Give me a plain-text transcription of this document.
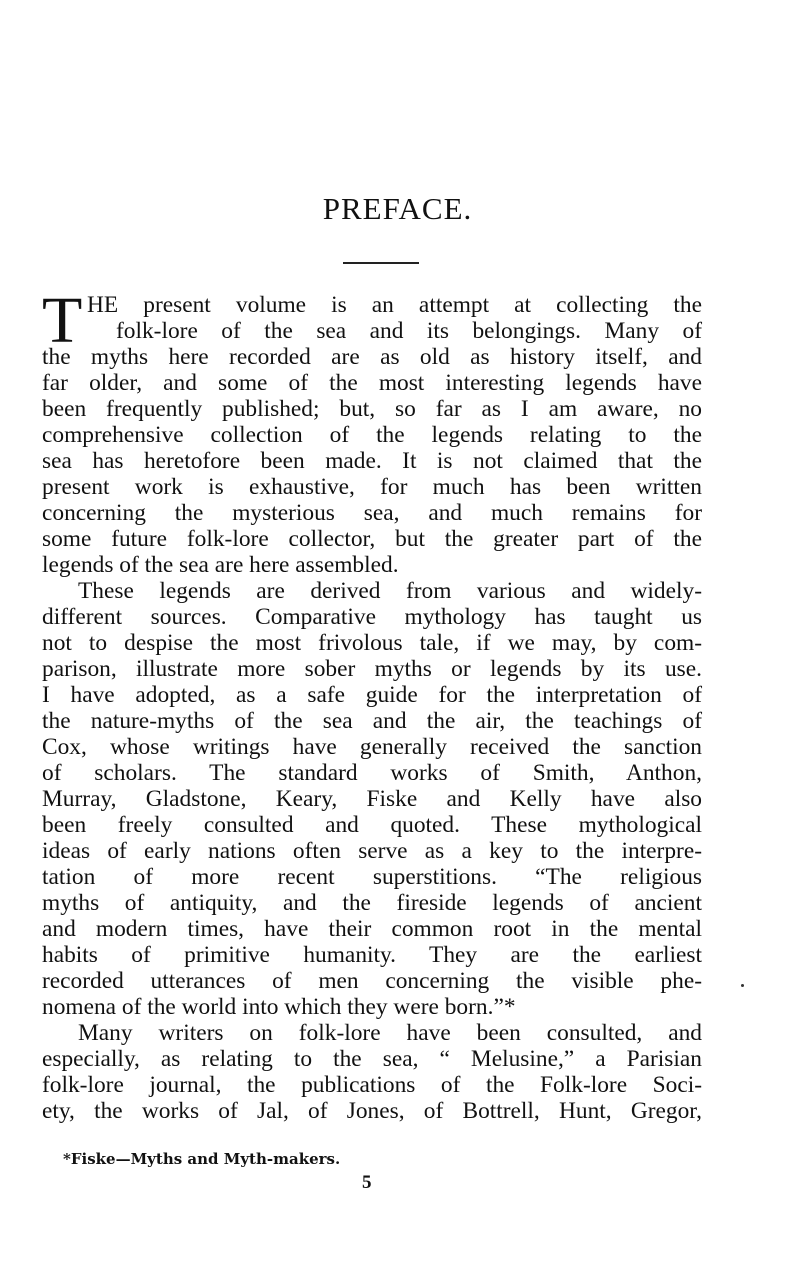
PREFACE.
T HE present volume is an attempt at collecting the
folk-lore of the sea and its belongings. Many of
the myths here recorded are as old as history itself, and
far older, and some of the most interesting legends have
been frequently published; but, so far as I am aware, no
comprehensive collection of the legends relating to the
sea has heretofore been made. It is not claimed that the
present work is exhaustive, for much has been written
concerning the mysterious sea, and much remains for
some future folk-lore collector, but the greater part of the
legends of the sea are here assembled.
These legends are derived from various and widely-
different sources. Comparative mythology has taught us
not to despise the most frivolous tale, if we may, by com-
parison, illustrate more sober myths or legends by its use.
I have adopted, as a safe guide for the interpretation of
the nature-myths of the sea and the air, the teachings of
Cox, whose writings have generally received the sanction
of scholars. The standard works of Smith, Anthon,
Murray, Gladstone, Keary, Fiske and Kelly have also
been freely consulted and quoted. These mythological
ideas of early nations often serve as a key to the interpre-
tation of more recent superstitions. “The religious
myths of antiquity, and the fireside legends of ancient
and modern times, have their common root in the mental
habits of primitive humanity. They are the earliest
recorded utterances of men concerning the visible phe-
nomena of the world into which they were born.”*
Many writers on folk-lore have been consulted, and
especially, as relating to the sea, “ Melusine,” a Parisian
folk-lore journal, the publications of the Folk-lore Soci-
ety, the works of Jal, of Jones, of Bottrell, Hunt, Gregor,
*Fiske—Myths and Myth-makers.
5
